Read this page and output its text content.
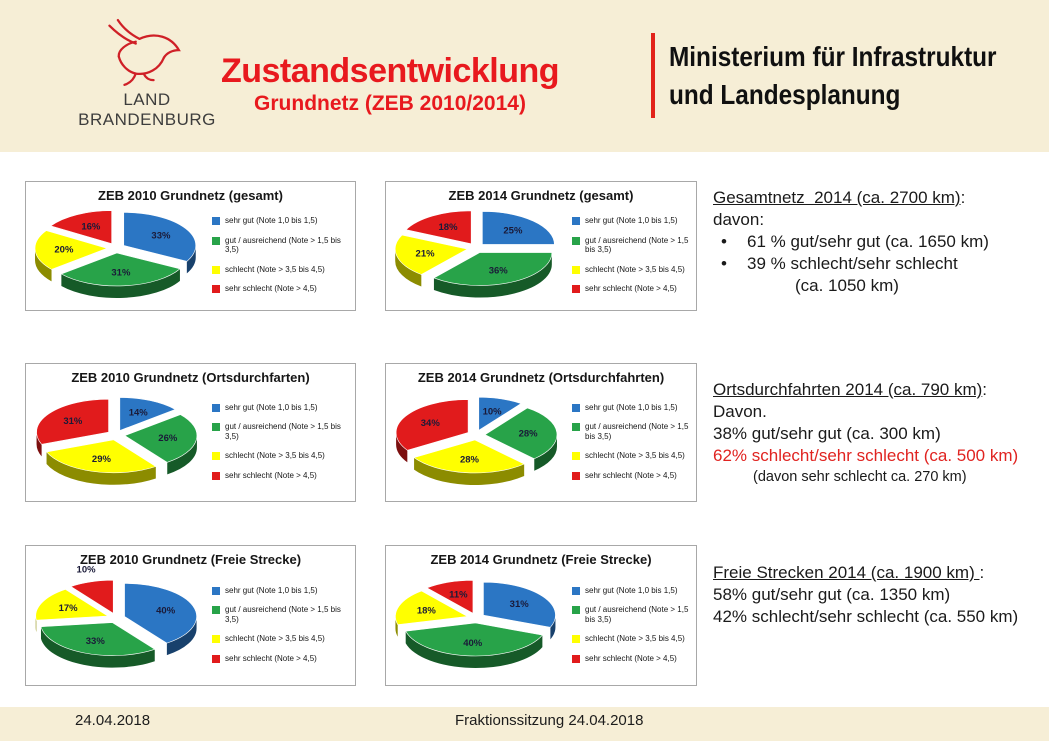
LAND
BRANDENBURG
Zustandsentwicklung
Grundnetz (ZEB 2010/2014)
Ministerium für Infrastruktur
und Landesplanung
ZEB 2010 Grundnetz (gesamt)
33%
31%
20%
16%
sehr gut (Note 1,0 bis 1,5)
gut / ausreichend (Note > 1,5 bis 3,5)
schlecht (Note > 3,5 bis 4,5)
sehr schlecht (Note > 4,5)
ZEB 2014 Grundnetz (gesamt)
25%
36%
21%
18%
sehr gut (Note 1,0 bis 1,5)
gut / ausreichend (Note > 1,5 bis 3,5)
schlecht (Note > 3,5 bis 4,5)
sehr schlecht (Note > 4,5)
ZEB 2010 Grundnetz (Ortsdurchfarten)
14%
26%
29%
31%
sehr gut (Note 1,0 bis 1,5)
gut / ausreichend (Note > 1,5 bis 3,5)
schlecht (Note > 3,5 bis 4,5)
sehr schlecht (Note > 4,5)
ZEB 2014 Grundnetz (Ortsdurchfahrten)
10%
28%
28%
34%
sehr gut (Note 1,0 bis 1,5)
gut / ausreichend (Note > 1,5 bis 3,5)
schlecht (Note > 3,5 bis 4,5)
sehr schlecht (Note > 4,5)
ZEB 2010 Grundnetz (Freie Strecke)
40%
33%
17%
10%
sehr gut (Note 1,0 bis 1,5)
gut / ausreichend (Note > 1,5 bis 3,5)
schlecht (Note > 3,5 bis 4,5)
sehr schlecht (Note > 4,5)
ZEB 2014 Grundnetz (Freie Strecke)
31%
40%
18%
11%	sehr gut (Note 1,0 bis 1,5)
gut / ausreichend (Note > 1,5 bis 3,5)
schlecht (Note > 3,5 bis 4,5)
sehr schlecht (Note > 4,5)
Gesamtnetz  2014 (ca. 2700 km):
davon:
•	61 % gut/sehr gut (ca. 1650 km)
•	39 % schlecht/sehr schlecht
(ca. 1050 km)
Ortsdurchfahrten 2014 (ca. 790 km):
Davon.
38% gut/sehr gut (ca. 300 km)
62% schlecht/sehr schlecht (ca. 500 km)
(davon sehr schlecht ca. 270 km)
Freie Strecken 2014 (ca. 1900 km) :
58% gut/sehr gut (ca. 1350 km)
42% schlecht/sehr schlecht (ca. 550 km)
24.04.2018	Fraktionssitzung 24.04.2018
